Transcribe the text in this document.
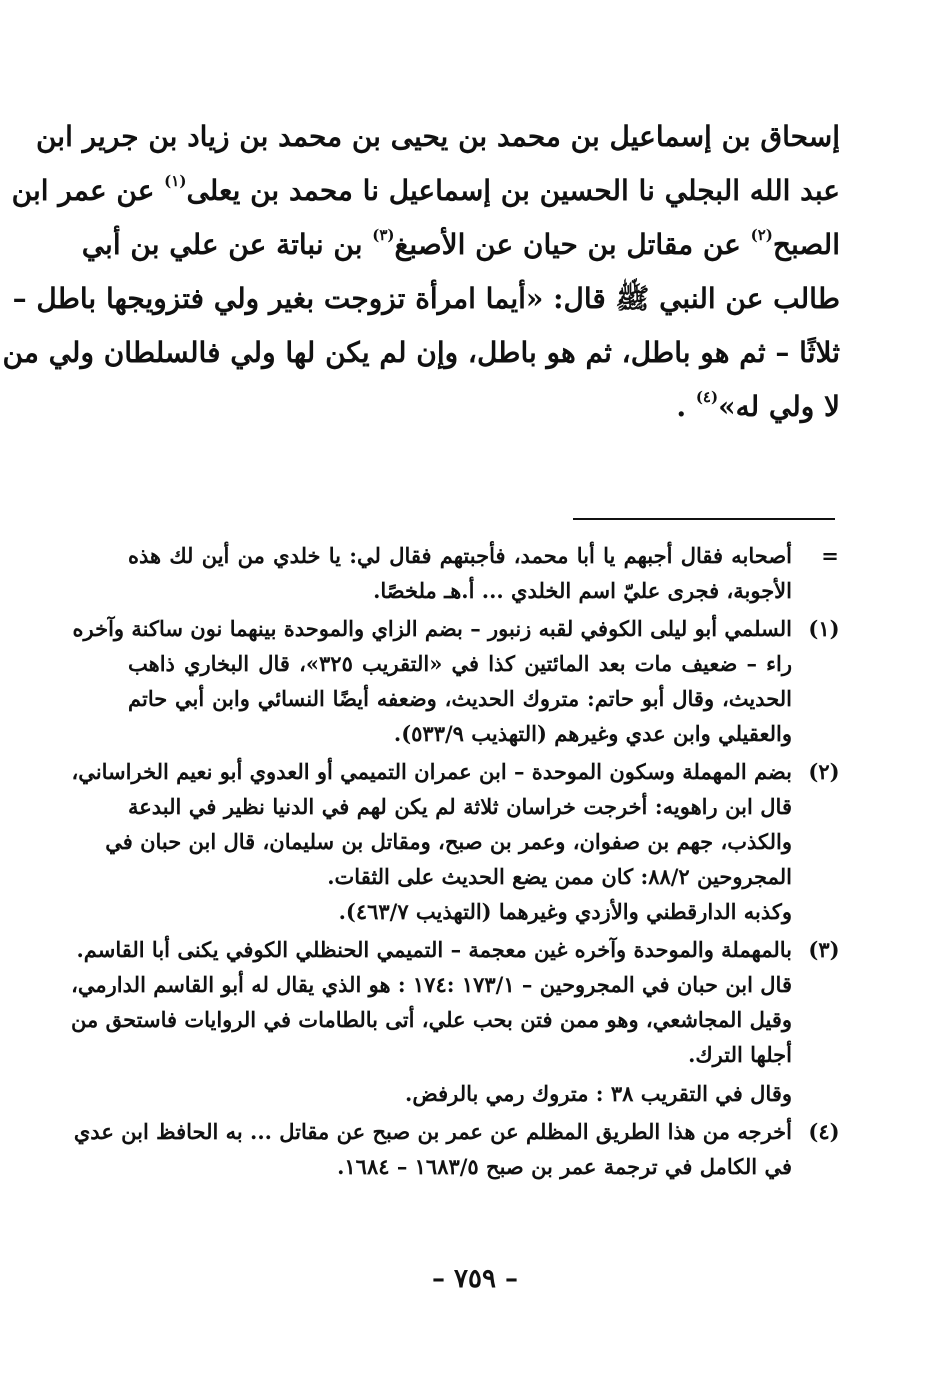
إسحاق بن إسماعيل بن محمد بن يحيى بن محمد بن زياد بن جرير ابن
عبد الله البجلي نا الحسين بن إسماعيل نا محمد بن يعلى$^{(١)}$ عن عمر ابن
الصبح$^{(٢)}$ عن مقاتل بن حيان عن الأصبغ$^{(٣)}$ بن نباتة عن علي بن أبي
طالب عن النبي ﷺ قال: «أيما امرأة تزوجت بغير ولي فتزويجها باطل –
ثلاثًا – ثم هو باطل، ثم هو باطل، وإن لم يكن لها ولي فالسلطان ولي من
لا ولي له»$^{(٤)}$ .
=
أصحابه فقال أجبهم يا أبا محمد، فأجبتهم فقال لي: يا خلدي من أين لك هذه
الأجوبة، فجرى عليّ اسم الخلدي ... أ.هـ ملخصًا.
(١)
السلمي أبو ليلى الكوفي لقبه زنبور – بضم الزاي والموحدة بينهما نون ساكنة وآخره
راء – ضعيف مات بعد المائتين كذا في «التقريب ٣٢٥»، قال البخاري ذاهب
الحديث، وقال أبو حاتم: متروك الحديث، وضعفه أيضًا النسائي وابن أبي حاتم
والعقيلي وابن عدي وغيرهم (التهذيب ٥٣٣/٩).
(٢)
بضم المهملة وسكون الموحدة – ابن عمران التميمي أو العدوي أبو نعيم الخراساني،
قال ابن راهويه: أخرجت خراسان ثلاثة لم يكن لهم في الدنيا نظير في البدعة
والكذب، جهم بن صفوان، وعمر بن صبح، ومقاتل بن سليمان، قال ابن حبان في
المجروحين ٨٨/٢: كان ممن يضع الحديث على الثقات.
وكذبه الدارقطني والأزدي وغيرهما (التهذيب ٤٦٣/٧).
(٣)
بالمهملة والموحدة وآخره غين معجمة – التميمي الحنظلي الكوفي يكنى أبا القاسم.
قال ابن حبان في المجروحين – ١٧٣/١ :١٧٤ : هو الذي يقال له أبو القاسم الدارمي،
وقيل المجاشعي، وهو ممن فتن بحب علي، أتى بالطامات في الروايات فاستحق من
أجلها الترك.
وقال في التقريب ٣٨ : متروك رمي بالرفض.
(٤)
أخرجه من هذا الطريق المظلم عن عمر بن صبح عن مقاتل ... به الحافظ ابن عدي
في الكامل في ترجمة عمر بن صبح ١٦٨٣/٥ – ١٦٨٤.
– ٧٥٩ –
